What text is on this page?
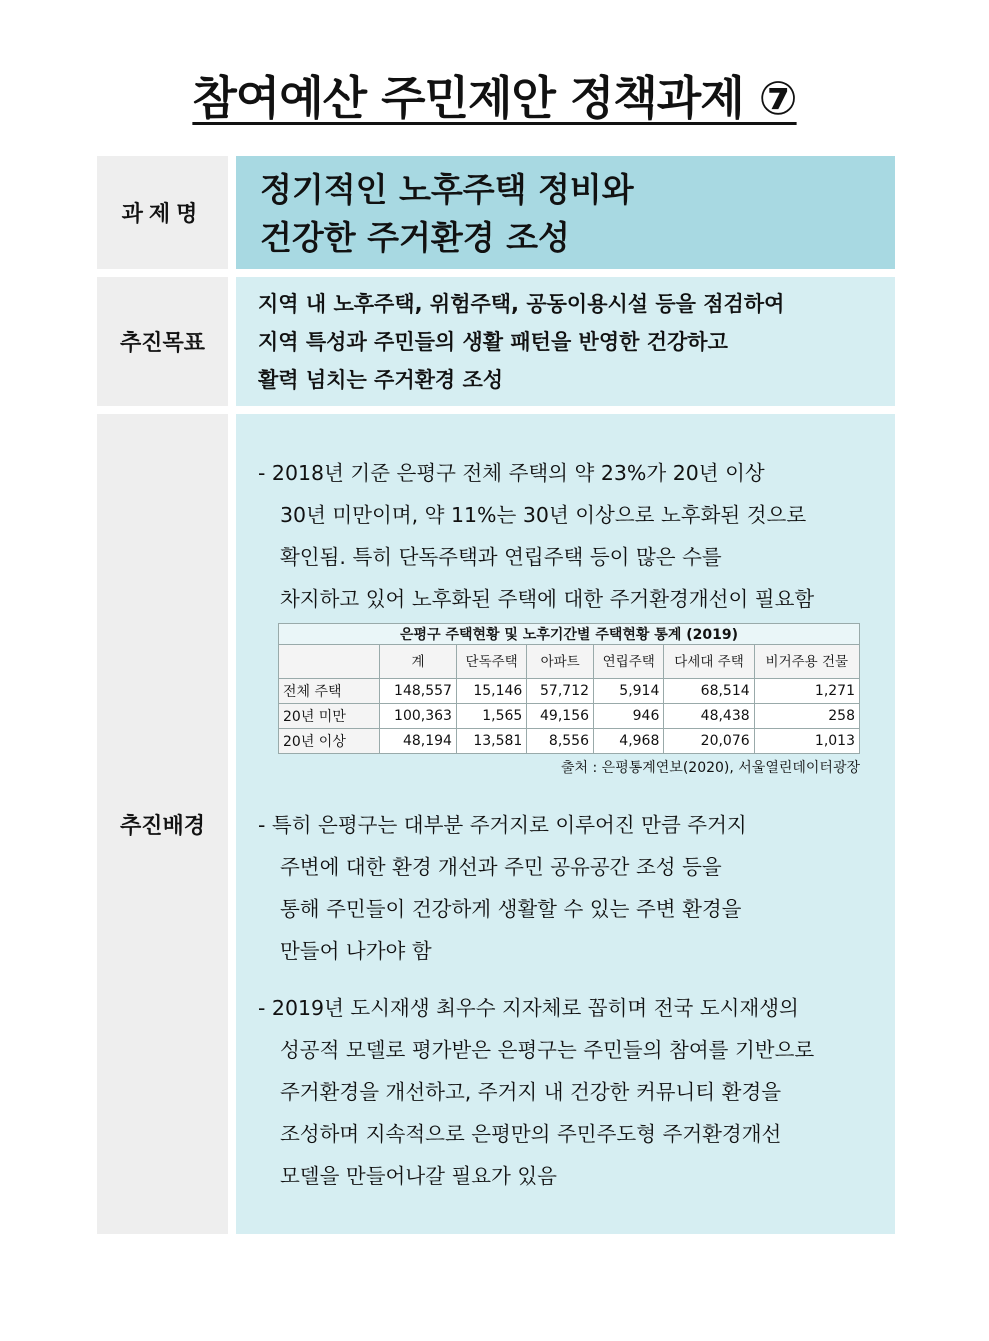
참여예산 주민제안 정책과제 ⑦
과제명
정기적인 노후주택 정비와
건강한 주거환경 조성
추진목표
지역 내 노후주택, 위험주택, 공동이용시설 등을 점검하여
지역 특성과 주민들의 생활 패턴을 반영한 건강하고
활력 넘치는 주거환경 조성
추진배경
- 2018년 기준 은평구 전체 주택의 약 23%가 20년 이상
30년 미만이며, 약 11%는 30년 이상으로 노후화된 것으로
확인됨. 특히 단독주택과 연립주택 등이 많은 수를
차지하고 있어 노후화된 주택에 대한 주거환경개선이 필요함
- 특히 은평구는 대부분 주거지로 이루어진 만큼 주거지
주변에 대한 환경 개선과 주민 공유공간 조성 등을
통해 주민들이 건강하게 생활할 수 있는 주변 환경을
만들어 나가야 함
- 2019년 도시재생 최우수 지자체로 꼽히며 전국 도시재생의
성공적 모델로 평가받은 은평구는 주민들의 참여를 기반으로
주거환경을 개선하고, 주거지 내 건강한 커뮤니티 환경을
조성하며 지속적으로 은평만의 주민주도형 주거환경개선
모델을 만들어나갈 필요가 있음
은평구 주택현황 및 노후기간별 주택현황 통계 (2019)						
	계	단독주택	아파트	연립주택	다세대 주택	비거주용 건물
전체 주택	148,557	15,146	57,712	5,914	68,514	1,271
20년 미만	100,363	1,565	49,156	946	48,438	258
20년 이상	48,194	13,581	8,556	4,968	20,076	1,013
출처 : 은평통계연보(2020), 서울열린데이터광장
